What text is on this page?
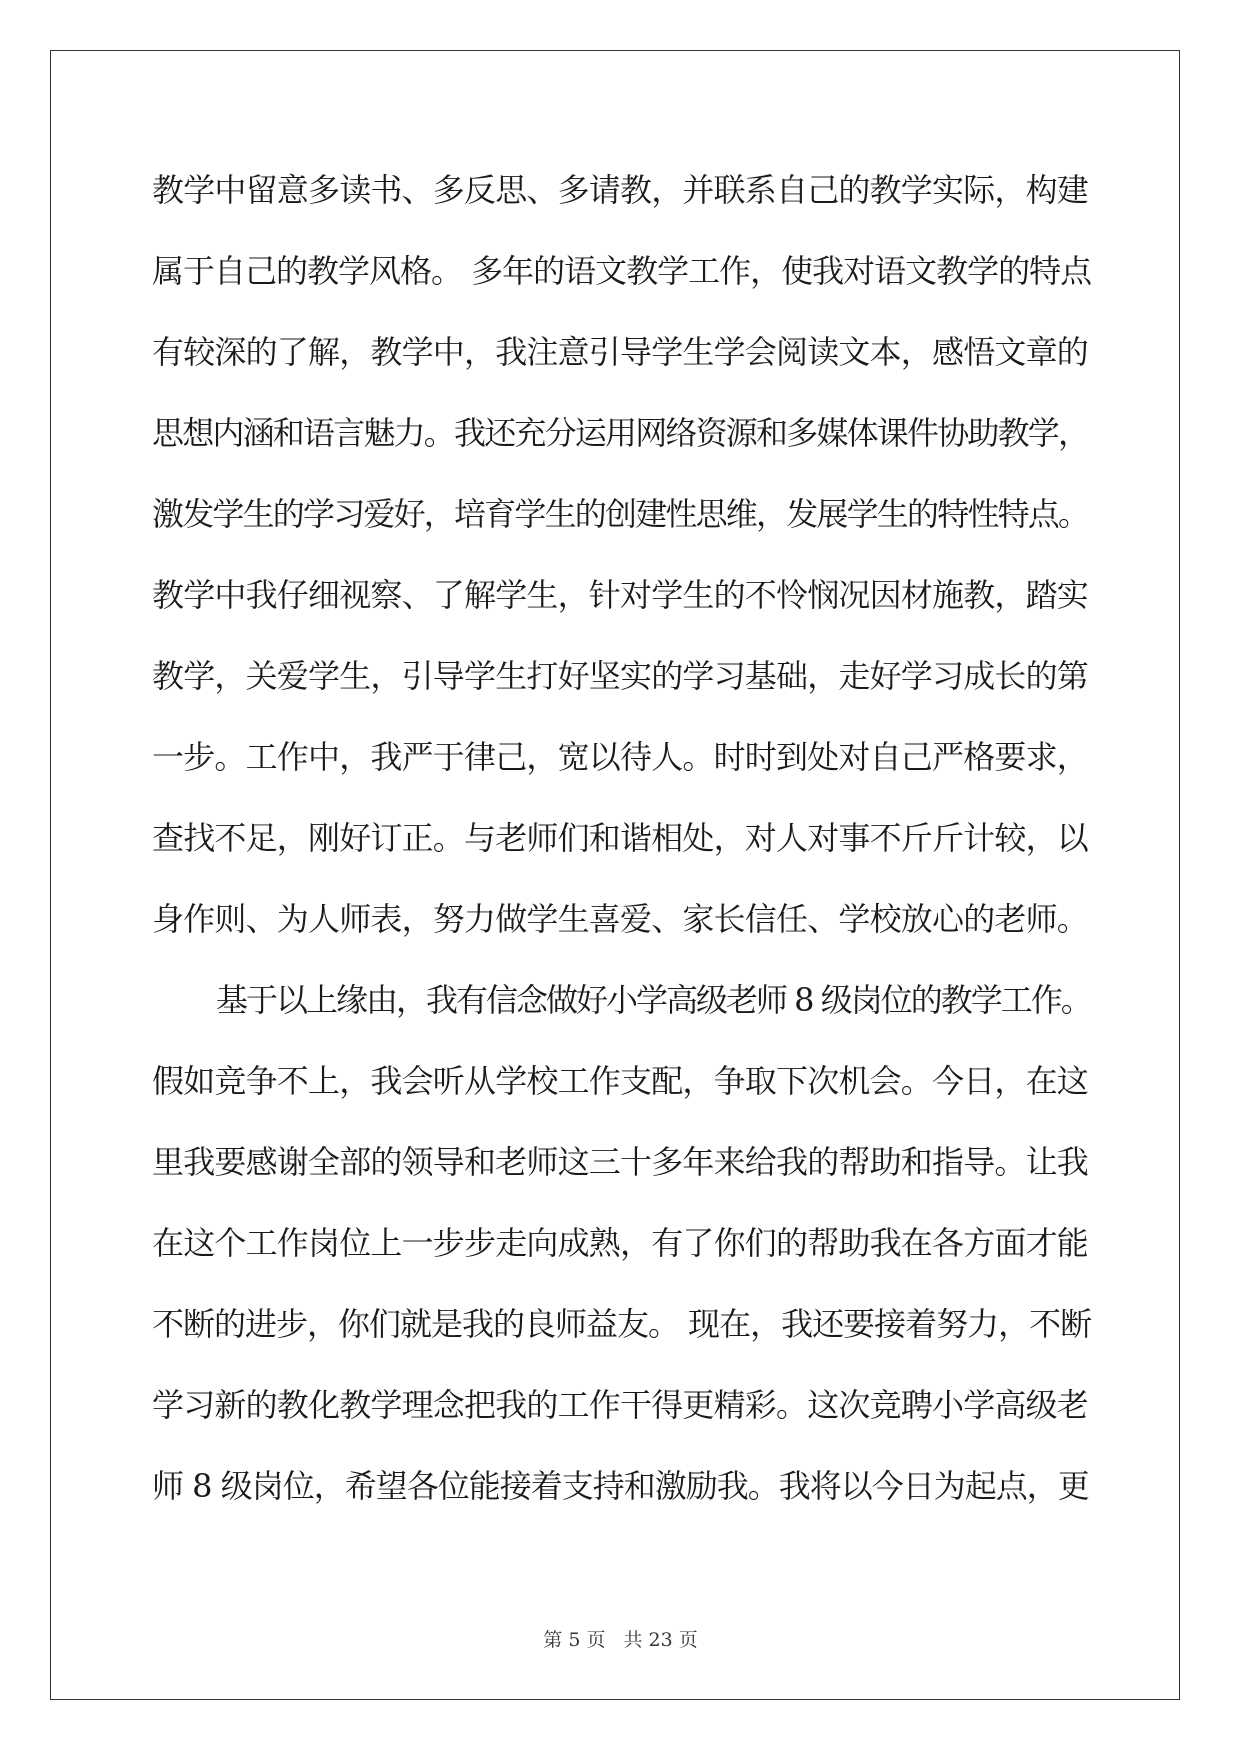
教学中留意多读书、多反思、多请教，并联系自己的教学实际，构建
属于自己的教学风格。 多年的语文教学工作，使我对语文教学的特点
有较深的了解，教学中，我注意引导学生学会阅读文本，感悟文章的
思想内涵和语言魅力。我还充分运用网络资源和多媒体课件协助教学，
激发学生的学习爱好，培育学生的创建性思维，发展学生的特性特点。
教学中我仔细视察、了解学生，针对学生的不怜悯况因材施教，踏实
教学，关爱学生，引导学生打好坚实的学习基础，走好学习成长的第
一步。工作中，我严于律己，宽以待人。时时到处对自己严格要求，
查找不足，刚好订正。与老师们和谐相处，对人对事不斤斤计较，以
身作则、为人师表，努力做学生喜爱、家长信任、学校放心的老师。
基于以上缘由，我有信念做好小学高级老师 8 级岗位的教学工作。
假如竞争不上，我会听从学校工作支配，争取下次机会。今日，在这
里我要感谢全部的领导和老师这三十多年来给我的帮助和指导。让我
在这个工作岗位上一步步走向成熟，有了你们的帮助我在各方面才能
不断的进步，你们就是我的良师益友。 现在，我还要接着努力，不断
学习新的教化教学理念把我的工作干得更精彩。这次竞聘小学高级老
师 8 级岗位，希望各位能接着支持和激励我。我将以今日为起点，更
第 5 页 共 23 页
